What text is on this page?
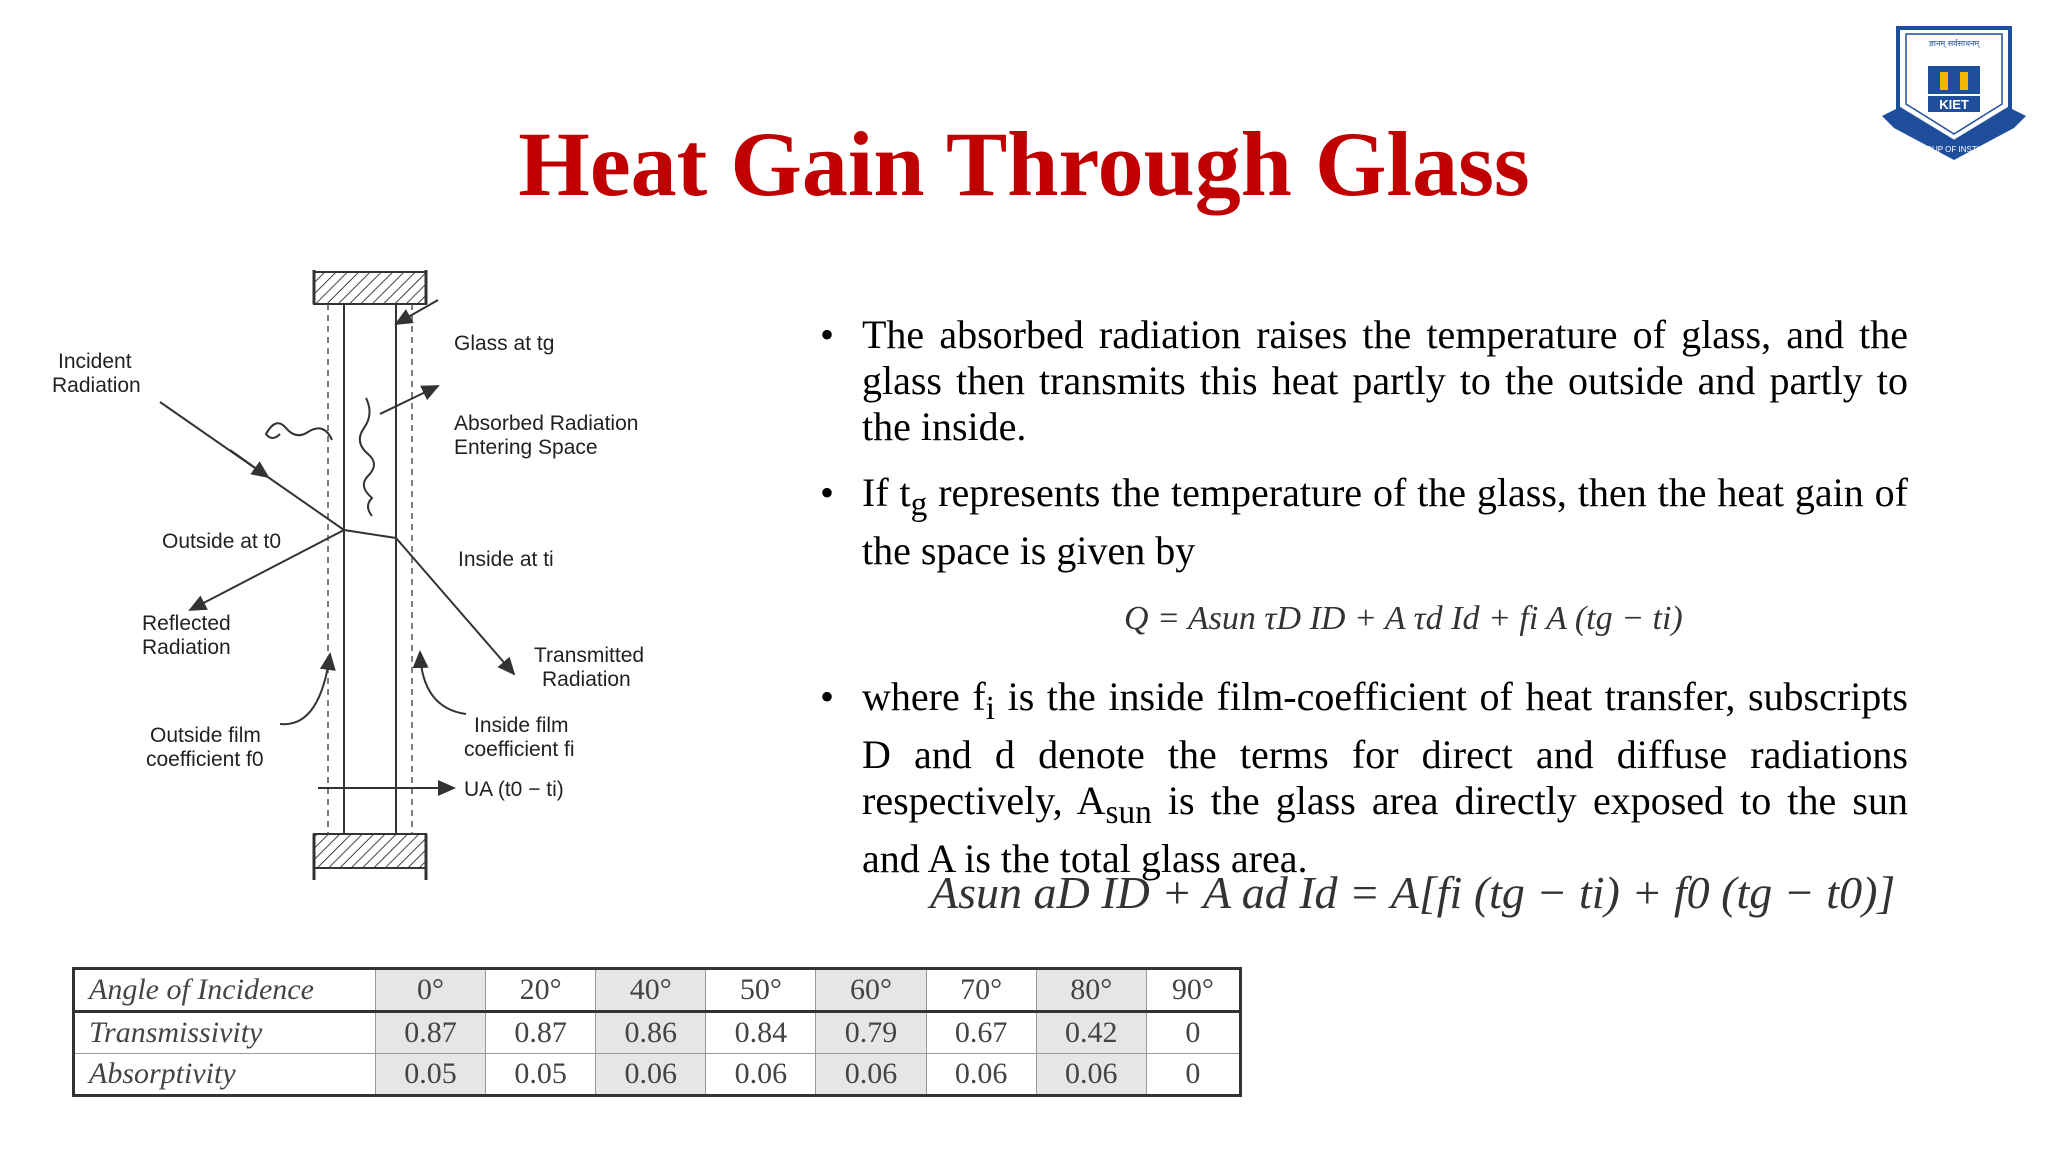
Heat Gain Through Glass
KIET
ज्ञानम् सर्वसाधनम्
KIET GROUP OF INSTITUTIONS
Incident
Radiation
Glass at tg
Absorbed Radiation
Entering Space
Outside at t0
Inside at ti
Reflected
Radiation	Transmitted
Radiation
Outside film
coefficient f0
Inside film
coefficient fi
UA (t0 − ti)
• The absorbed radiation raises the temperature of glass, and the glass then transmits this heat partly to the outside and partly to the inside.
• If $t_g$ represents the temperature of the glass, then the heat gain of the space is given by
• where $f_i$ is the inside film-coefficient of heat transfer, subscripts D and d denote the terms for direct and diffuse radiations respectively, $A_{sun}$ is the glass area directly exposed to the sun and A is the total glass area.
Q = Asun τD ID + A τd Id + fi A (tg − ti)
Asun aD ID + A ad Id = A[fi (tg − ti) + f0 (tg − t0)]
Angle of Incidence	0°	20°	40°	50°	60°	70°	80°	90°
Transmissivity	0.87	0.87	0.86	0.84	0.79	0.67	0.42	0
Absorptivity	0.05	0.05	0.06	0.06	0.06	0.06	0.06	0
